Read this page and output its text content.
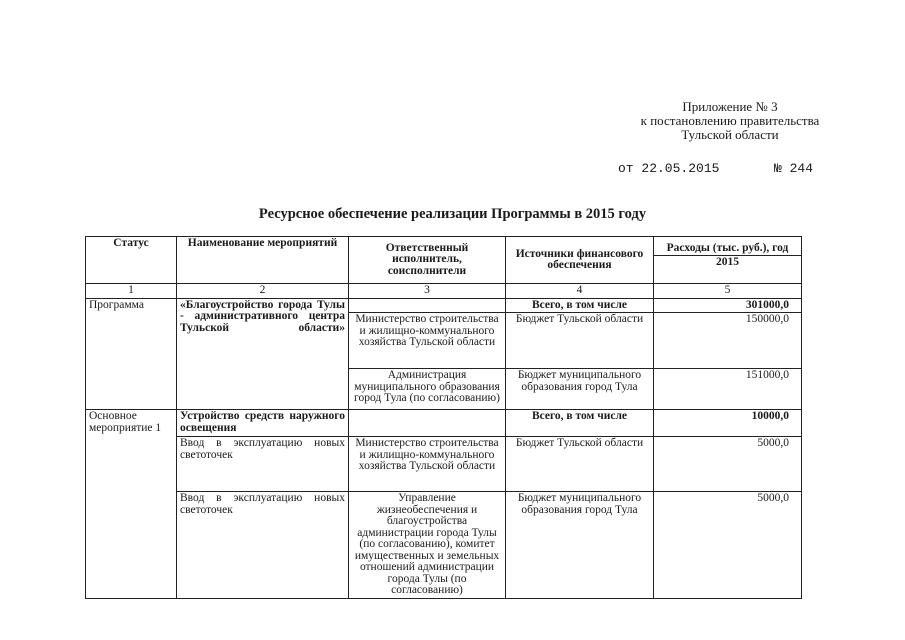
Приложение № 3
к постановлению правительства
Тульской области
от 22.05.2015	№ 244
Ресурсное обеспечение реализации Программы в 2015 году
Статус	Наименование мероприятий	Ответственный исполнитель, соисполнители	Источники финансового обеспечения	Расходы (тыс. руб.), год
				2015
1	2	3	4	5
Программа	«Благоустройство города Тулы - административного центра Тульской области»		Всего, в том числе	301000,0
		Министерство строительства и жилищно-коммунального хозяйства Тульской области	Бюджет Тульской области	150000,0
		Администрация муниципального образования город Тула (по согласованию)	Бюджет муниципального образования город Тула	151000,0
Основное мероприятие 1	Устройство средств наружного освещения		Всего, в том числе	10000,0
	Ввод в эксплуатацию новых светоточек	Министерство строительства и жилищно-коммунального хозяйства Тульской области	Бюджет Тульской области	5000,0
	Ввод в эксплуатацию новых светоточек	Управление жизнеобеспечения и благоустройства администрации города Тулы (по согласованию), комитет имущественных и земельных отношений администрации города Тулы (по согласованию)	Бюджет муниципального образования город Тула	5000,0
